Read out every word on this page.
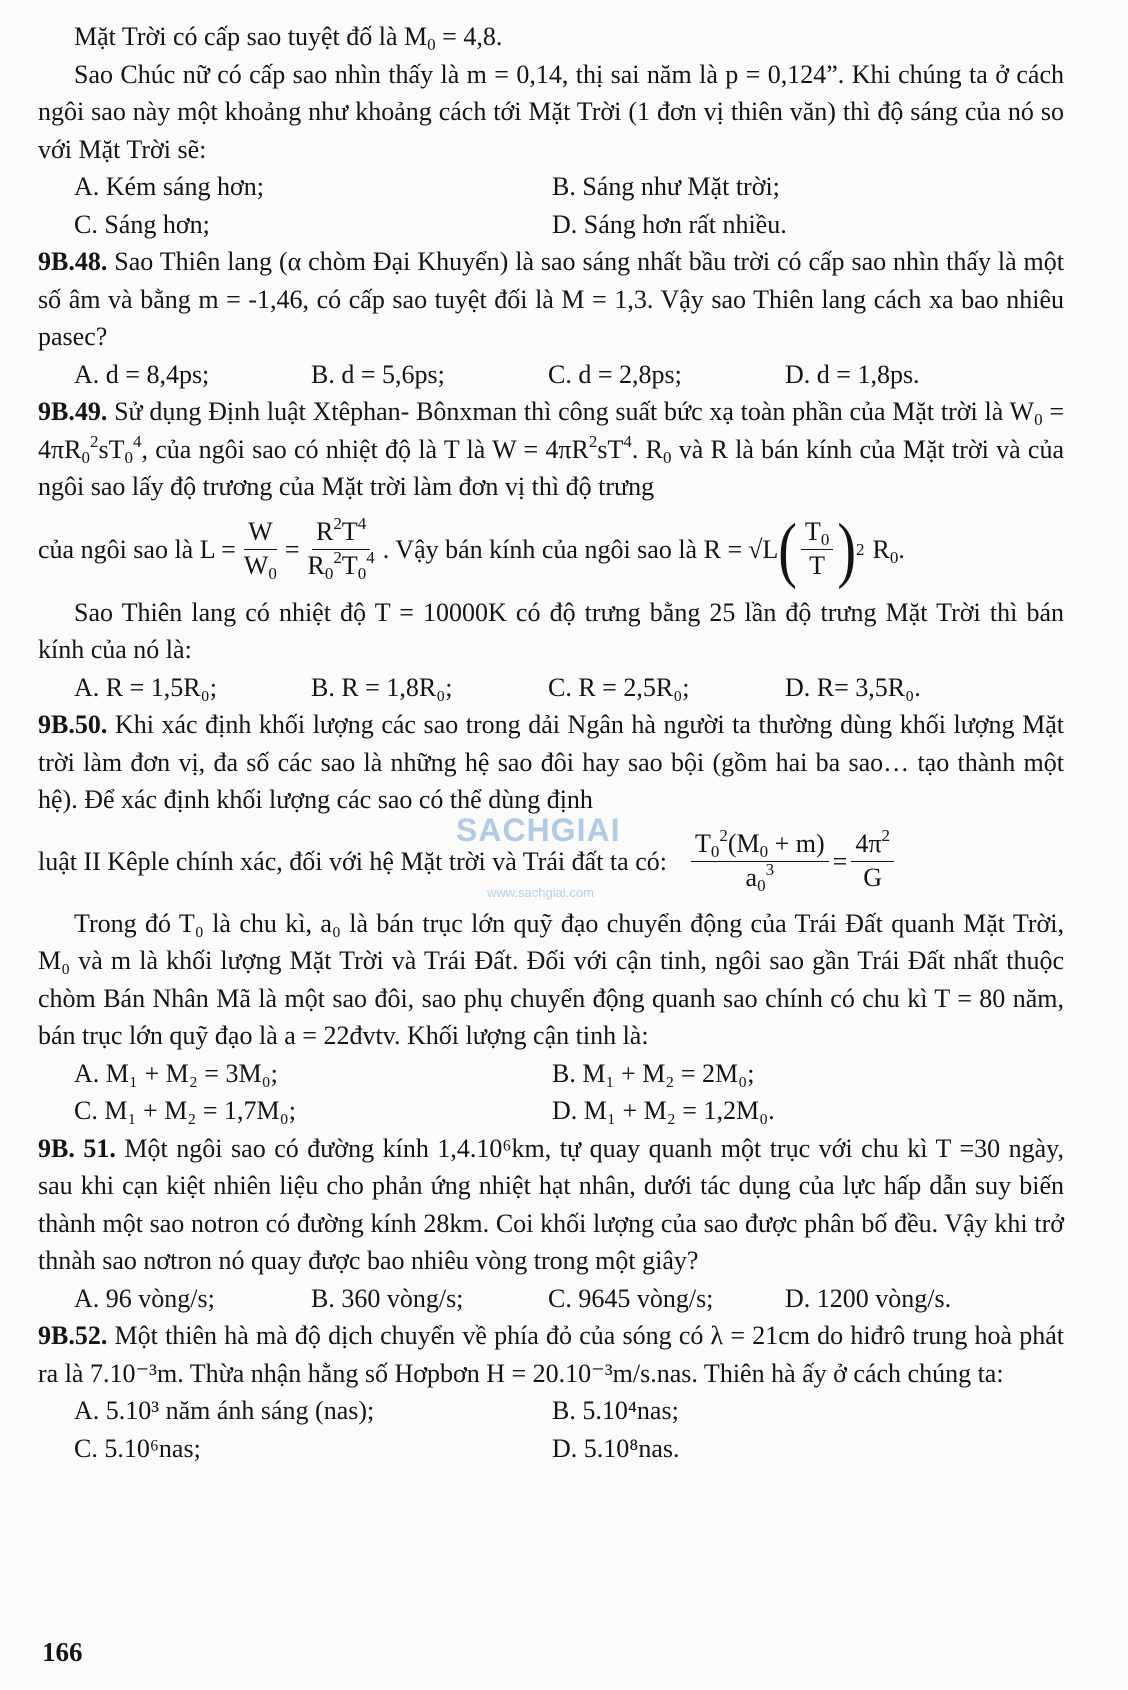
Mặt Trời có cấp sao tuyệt đố là $M_0 = 4,8$.

Sao Chúc nữ có cấp sao nhìn thấy là m = 0,14, thị sai năm là p = 0,124”. Khi chúng ta ở cách ngôi sao này một khoảng như khoảng cách tới Mặt Trời (1 đơn vị thiên văn) thì độ sáng của nó so với Mặt Trời sẽ:

A. Kém sáng hơn;	B. Sáng như Mặt trời;
C. Sáng hơn;	D. Sáng hơn rất nhiều.

9B.48. Sao Thiên lang (α chòm Đại Khuyển) là sao sáng nhất bầu trời có cấp sao nhìn thấy là một số âm và bằng m = -1,46, có cấp sao tuyệt đối là M = 1,3. Vậy sao Thiên lang cách xa bao nhiêu pasec?

A. d = 8,4ps;	B. d = 5,6ps;	C. d = 2,8ps;	D. d = 1,8ps.

9B.49. Sử dụng Định luật Xtêphan- Bônxman thì công suất bức xạ toàn phần của Mặt trời là $W_0 = 4\pi R_0^2sT_0^4$, của ngôi sao có nhiệt độ là T là $W = 4\pi R^2sT^4$. $R_0$ và R là bán kính của Mặt trời và của ngôi sao lấy độ trương của Mặt trời làm đơn vị thì độ trưng

của ngôi sao là $L = \frac{W}{W_0} = \frac{R^2T^4}{R_0^2T_0^4}$ . Vậy bán kính của ngôi sao là R = √L ( $\frac{T_0}{T}$ ) 2 $R_0$.

Sao Thiên lang có nhiệt độ T = 10000K có độ trưng bằng 25 lần độ trưng Mặt Trời thì bán kính của nó là:

A. R = 1,5R₀;	B. R = 1,8R₀;	C. R = 2,5R₀;	D. R= 3,5R₀.

9B.50. Khi xác định khối lượng các sao trong dải Ngân hà người ta thường dùng khối lượng Mặt trời làm đơn vị, đa số các sao là những hệ sao đôi hay sao bội (gồm hai ba sao… tạo thành một hệ). Để xác định khối lượng các sao có thể dùng định

luật II Kêple chính xác, đối với hệ Mặt trời và Trái đất ta có: $\frac{T_0^2(M_0 + m)}{a_0^3} = \frac{4\pi^2}{G}$

Trong đó T₀ là chu kì, a₀ là bán trục lớn quỹ đạo chuyển động của Trái Đất quanh Mặt Trời, M₀ và m là khối lượng Mặt Trời và Trái Đất. Đối với cận tinh, ngôi sao gần Trái Đất nhất thuộc chòm Bán Nhân Mã là một sao đôi, sao phụ chuyển động quanh sao chính có chu kì T = 80 năm, bán trục lớn quỹ đạo là a = 22đvtv. Khối lượng cận tinh là:

A. M₁ + M₂ = 3M₀;	B. M₁ + M₂ = 2M₀;
C. M₁ + M₂ = 1,7M₀;	D. M₁ + M₂ = 1,2M₀.

9B. 51. Một ngôi sao có đường kính 1,4.10⁶km, tự quay quanh một trục với chu kì T =30 ngày, sau khi cạn kiệt nhiên liệu cho phản ứng nhiệt hạt nhân, dưới tác dụng của lực hấp dẫn suy biến thành một sao notron có đường kính 28km. Coi khối lượng của sao được phân bố đều. Vậy khi trở thnàh sao nơtron nó quay được bao nhiêu vòng trong một giây?

A. 96 vòng/s;	B. 360 vòng/s;	C. 9645 vòng/s;	D. 1200 vòng/s.

9B.52. Một thiên hà mà độ dịch chuyển về phía đỏ của sóng có λ = 21cm do hiđrô trung hoà phát ra là 7.10⁻³m. Thừa nhận hằng số Hơpbơn H = 20.10⁻³m/s.nas. Thiên hà ấy ở cách chúng ta:

A. 5.10³ năm ánh sáng (nas);	B. 5.10⁴nas;
C. 5.10⁶nas;	D. 5.10⁸nas.
SACHGIAI
www.sachgiai.com
166
